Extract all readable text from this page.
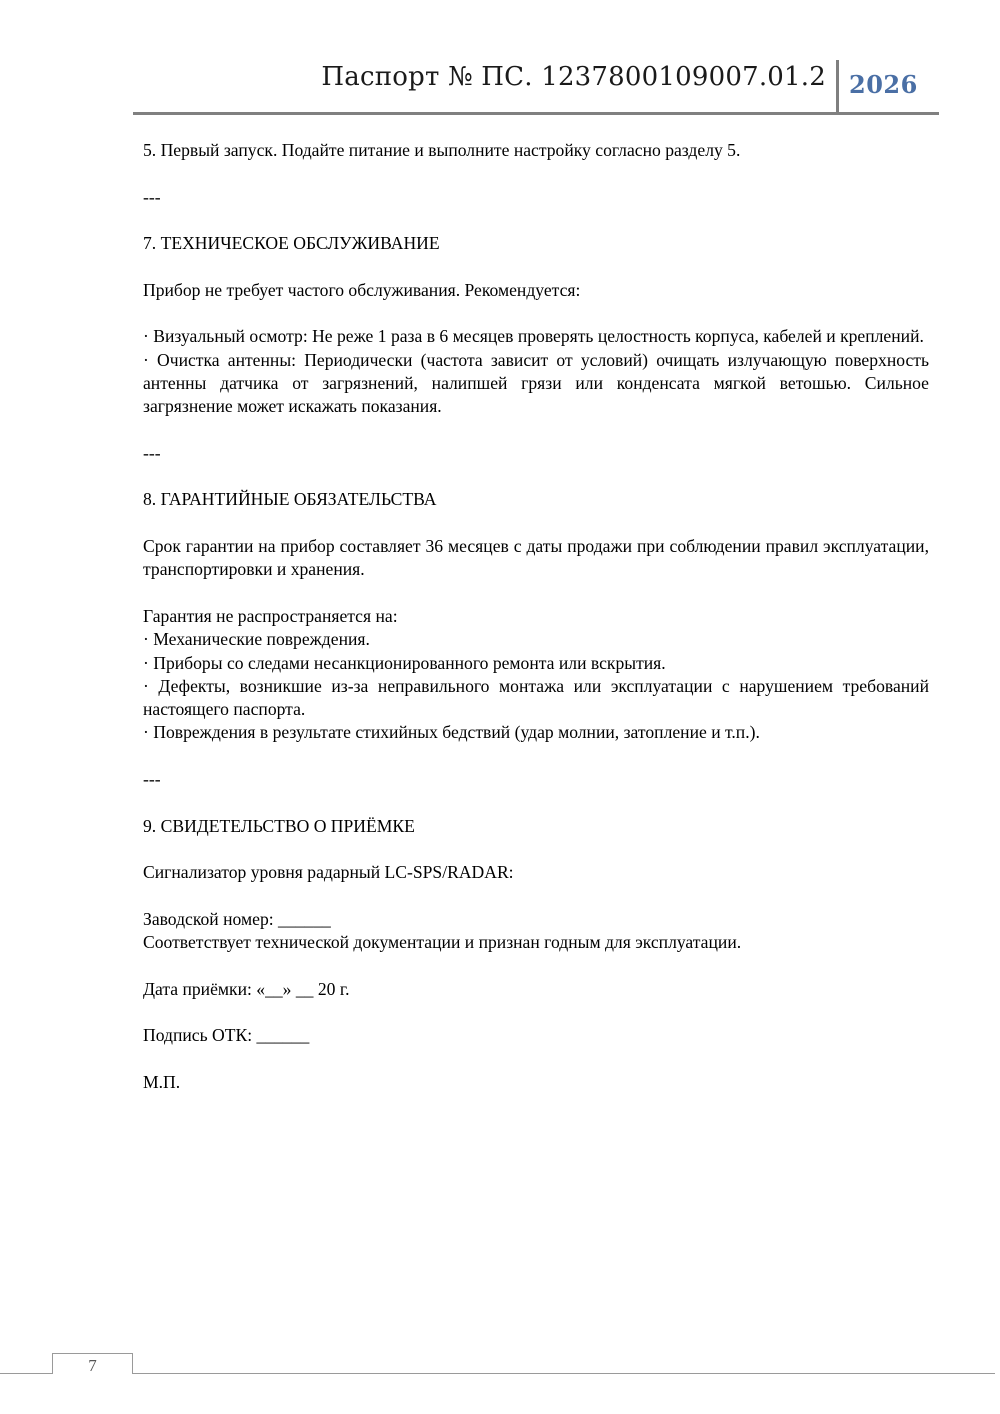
Паспорт № ПС. 1237800109007.01.2 2026

5. Первый запуск. Подайте питание и выполните настройку согласно разделу 5.

---

7. ТЕХНИЧЕСКОЕ ОБСЛУЖИВАНИЕ

Прибор не требует частого обслуживания. Рекомендуется:

· Визуальный осмотр: Не реже 1 раза в 6 месяцев проверять целостность корпуса, кабелей и креплений.

· Очистка антенны: Периодически (частота зависит от условий) очищать излучающую поверхность антенны датчика от загрязнений, налипшей грязи или конденсата мягкой ветошью. Сильное загрязнение может искажать показания.

---

8. ГАРАНТИЙНЫЕ ОБЯЗАТЕЛЬСТВА

Срок гарантии на прибор составляет 36 месяцев с даты продажи при соблюдении правил эксплуатации, транспортировки и хранения.

Гарантия не распространяется на:

· Механические повреждения.

· Приборы со следами несанкционированного ремонта или вскрытия.

· Дефекты, возникшие из-за неправильного монтажа или эксплуатации с нарушением требований настоящего паспорта.

· Повреждения в результате стихийных бедствий (удар молнии, затопление и т.п.).

---

9. СВИДЕТЕЛЬСТВО О ПРИЁМКЕ

Сигнализатор уровня радарный LC-SPS/RADAR:

Заводской номер: ______

Соответствует технической документации и признан годным для эксплуатации.

Дата приёмки: «__» __ 20 г.

Подпись ОТК: ______

М.П.

7
